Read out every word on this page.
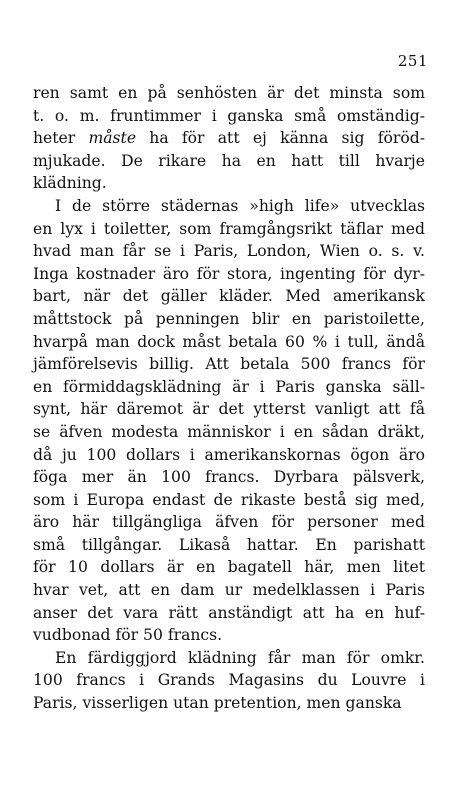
251
ren samt en på senhösten är det minsta som
t. o. m. fruntimmer i ganska små omständig-
heter måste ha för att ej känna sig föröd-
mjukade. De rikare ha en hatt till hvarje
klädning.
I de större städernas »high life» utvecklas
en lyx i toiletter, som framgångsrikt täflar med
hvad man får se i Paris, London, Wien o. s. v.
Inga kostnader äro för stora, ingenting för dyr-
bart, när det gäller kläder. Med amerikansk
måttstock på penningen blir en paristoilette,
hvarpå man dock måst betala 60 % i tull, ändå
jämförelsevis billig. Att betala 500 francs för
en förmiddagsklädning är i Paris ganska säll-
synt, här däremot är det ytterst vanligt att få
se äfven modesta människor i en sådan dräkt,
då ju 100 dollars i amerikanskornas ögon äro
föga mer än 100 francs. Dyrbara pälsverk,
som i Europa endast de rikaste bestå sig med,
äro här tillgängliga äfven för personer med
små tillgångar. Likaså hattar. En parishatt
för 10 dollars är en bagatell här, men litet
hvar vet, att en dam ur medelklassen i Paris
anser det vara rätt anständigt att ha en huf-
vudbonad för 50 francs.
En färdiggjord klädning får man för omkr.
100 francs i Grands Magasins du Louvre i
Paris, visserligen utan pretention, men ganska
